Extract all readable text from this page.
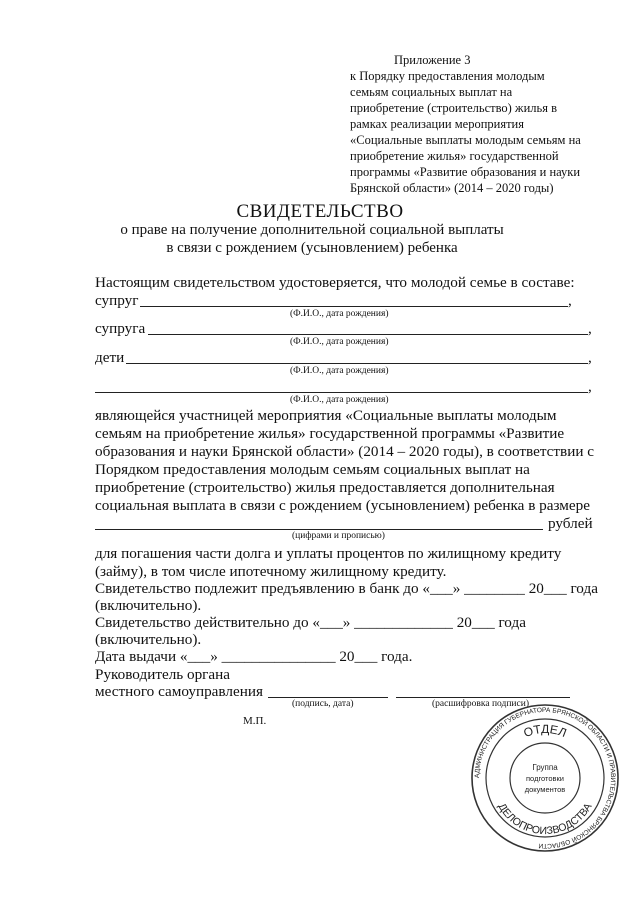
Приложение 3
к Порядку предоставления молодым
семьям социальных выплат на
приобретение (строительство) жилья в
рамках реализации мероприятия
«Социальные выплаты молодым семьям на
приобретение жилья» государственной
программы «Развитие образования и науки
Брянской области» (2014 – 2020 годы)
СВИДЕТЕЛЬСТВО
о праве на получение дополнительной социальной выплаты
в связи с рождением (усыновлением) ребенка
Настоящим свидетельством удостоверяется, что молодой семье в составе:
супруг	,
(Ф.И.О., дата рождения)
супруга	,
(Ф.И.О., дата рождения)
дети	,
(Ф.И.О., дата рождения)
,
(Ф.И.О., дата рождения)
являющейся участницей мероприятия «Социальные выплаты молодым
семьям на приобретение жилья» государственной программы «Развитие
образования и науки Брянской области» (2014 – 2020 годы), в соответствии с
Порядком предоставления молодым семьям социальных выплат на
приобретение (строительство) жилья предоставляется дополнительная
социальная выплата в связи с рождением (усыновлением) ребенка в размере
рублей
(цифрами и прописью)
для погашения части долга и уплаты процентов по жилищному кредиту
(займу), в том числе ипотечному жилищному кредиту.
Свидетельство подлежит предъявлению в банк до «___» ________ 20___ года
(включительно).
Свидетельство действительно до «___» _____________ 20___ года
(включительно).
Дата выдачи «___» _______________ 20___ года.
Руководитель органа
местного самоуправления
(подпись, дата)	(расшифровка подписи)
М.П.
АДМИНИСТРАЦИЯ ГУБЕРНАТОРА БРЯНСКОЙ ОБЛАСТИ И ПРАВИТЕЛЬСТВА БРЯНСКОЙ ОБЛАСТИ
ОТДЕЛ
ДЕЛОПРОИЗВОДСТВА
Группа
подготовки
документов
